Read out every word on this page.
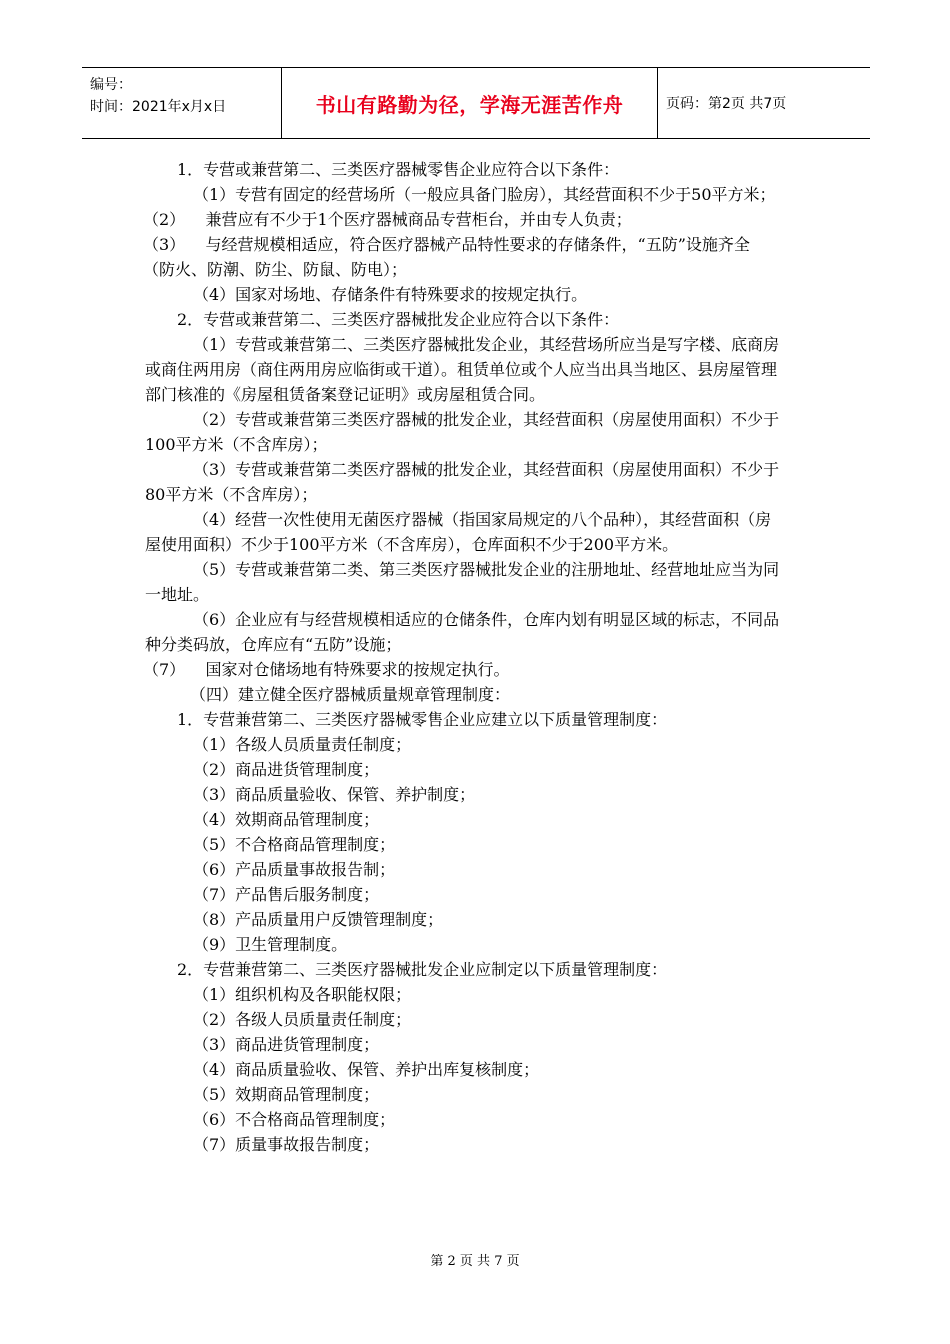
编号：
时间：2021年x月x日	书山有路勤为径，学海无涯苦作舟	页码：第2页 共7页

1．专营或兼营第二、三类医疗器械零售企业应符合以下条件：

（1）专营有固定的经营场所（一般应具备门脸房），其经营面积不少于50平方米；

（2）    兼营应有不少于1个医疗器械商品专营柜台，并由专人负责；

（3）    与经营规模相适应，符合医疗器械产品特性要求的存储条件，“五防”设施齐全（防火、防潮、防尘、防鼠、防电）；

（4）国家对场地、存储条件有特殊要求的按规定执行。

2．专营或兼营第二、三类医疗器械批发企业应符合以下条件：

（1）专营或兼营第二、三类医疗器械批发企业，其经营场所应当是写字楼、底商房或商住两用房（商住两用房应临街或干道）。租赁单位或个人应当出具当地区、县房屋管理部门核准的《房屋租赁备案登记证明》或房屋租赁合同。

（2）专营或兼营第三类医疗器械的批发企业，其经营面积（房屋使用面积）不少于100平方米（不含库房）；

（3）专营或兼营第二类医疗器械的批发企业，其经营面积（房屋使用面积）不少于80平方米（不含库房）；

（4）经营一次性使用无菌医疗器械（指国家局规定的八个品种），其经营面积（房屋使用面积）不少于100平方米（不含库房），仓库面积不少于200平方米。

（5）专营或兼营第二类、第三类医疗器械批发企业的注册地址、经营地址应当为同一地址。

（6）企业应有与经营规模相适应的仓储条件，仓库内划有明显区域的标志，不同品种分类码放，仓库应有“五防”设施；

（7）    国家对仓储场地有特殊要求的按规定执行。

（四）建立健全医疗器械质量规章管理制度：

1．专营兼营第二、三类医疗器械零售企业应建立以下质量管理制度：

（1）各级人员质量责任制度；

（2）商品进货管理制度；

（3）商品质量验收、保管、养护制度；

（4）效期商品管理制度；

（5）不合格商品管理制度；

（6）产品质量事故报告制；

（7）产品售后服务制度；

（8）产品质量用户反馈管理制度；

（9）卫生管理制度。

2．专营兼营第二、三类医疗器械批发企业应制定以下质量管理制度：

（1）组织机构及各职能权限；

（2）各级人员质量责任制度；

（3）商品进货管理制度；

（4）商品质量验收、保管、养护出库复核制度；

（5）效期商品管理制度；

（6）不合格商品管理制度；

（7）质量事故报告制度；

第 2 页 共 7 页
